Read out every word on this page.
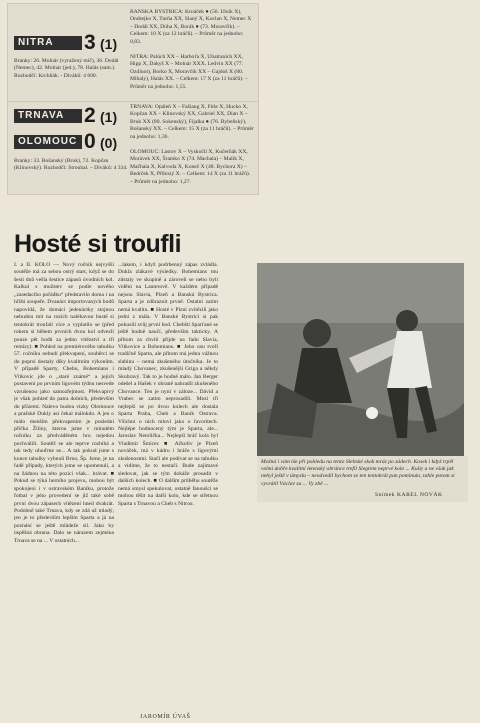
NITRA	3 (1)
Branky: 26. Molnár (vyražený míč), 36. Dodál (Nemec), 42. Molnár (jed.), 78. Halás (sam.). Rozhodčí: Krchňák. - Diváků: 4 600.
BANSKÁ BYSTRICA: Krnáček ● (56. Ubúk X), Ondrejko X, Turňa XX, Slaný X, Koclan X, Nemec X – Dodál XX, Dúha X, Borák ● (73. Moravčík). – Celkem: 10 X (za 12 hráčů). – Průměr na jednoho: 0,83.
NITRA: Palúch XX – Harboľa X, Ubatranich XX, Hipp X, Dakyš X – Molnár XXX, Ledvin XX (77. Ozdínot), Borko X, Moravčík XX – Gajdoš X (80. Mihaly), Halás XX. – Celkem: 17 X (za 11 hráčů). – Průměr na jednoho: 1,55.
TRNAVA 2 (1)
OLOMOUC 0 (0)
Branky: 33. Bošanský (Bruk), 72. Kopčan (Klinovský). Rozhodčí: Strouhal. – Diváků: 4 334.
TRNAVA: Opáleň X – Fašiang X, Fitle X, Hucko X, Kopčan XX – Klinovský XX, Gabriel XX, Dian X – Bruk XX (80. Sokenský), Fijalka ● (76. Bybeňský), Bošanský XX. – Celkem: 15 X (za 11 hráčů). – Průměr na jednoho: 1,36.
OLOMOUC: Lastov X – Vyskočil X, Kučerňák XX, Morávek XX, Šramko X (74. Machala) – Malík X, Mačhala X, Kalvoda X, Koneč X (48. Bychora X) – Bedrček X, Příbozý X. – Celkem: 14 X (za 11 hráčů). – Průměr na jednoho: 1,27.
Hosté si troufli
I. a II. KOLO — Nový ročník nejvyšší soutěže má za sebou ostrý start, když se do šesti dnů vešla šestice zápasů úvodních kol. Kalkul s mužstev se podle nového „zasedacího pořádku“ představilo doma i na hřišti soupeře. Dvanáct importovaných bodů napovídá, že domácí jedenáctky stojnou nebudou mít na rozích naléhavou hustě si tentokrát troufali více a vyplatilo se (před rokem si během prvních dvou kol odvezli pouze pět bodů za jedno vítězství a tři remízy). ■ Pohled na premiérového tabulku 57. ročníku nebudí překvapení, souběrci se do poprsí dostaly díky kvalitním výkonům. V případě Sparty, Chebu, Bohemians i Vítkovic jde o „staré známé“ a jejich postavení po prvním ligovém týdnu nesvede vzrušenou jako samozřejmost. Překvapivý je však pohled do patra dolních, především do přízemí. Nalevo budou vizky Olomouce a pražské Dukly asi čekal málokdo. A jen o málo menším překvapením je poslední příčka Žiliny, kterou jsme v minulém ročníku za předváděném hru nejedou pochválili. Soutěž se ale teprve rozbíhá a tak tedy uhoďme se... A tak pokud jsme s konce tabulky vyhnuli Brno, Šp. Jsme, je na řadě případy, kterých jsme se upomenuli, a na žádnou na této pozici však... hrávat. ■ Pokud se týká herního projevu, mohou být spokojeni i v ostravském Baníku, protože fotbal v jeho provedení se již také sobě první dvou zápasech vítězení hned dvakrát. Podobně také Trnava, kdy se zdá už mladý, jen je to především lepším Sparta a já na poznání se ještě mládeže sil. Jako by úspěšná obrana. Dalo se nárazem zejména Trnava se na ... V ostatních...
...lakem, i když podrbenný zápas zvládla. Dukla zlákavé výsledky. Bohemians mu zůstaly ve skupině a zároveň se nebo byli viděni na Lauterově. V každém případě nejsou Slavia, Plzeň a Banská Bystrica. Sparta a je zdůraznit prvně. Ostatní zatím nemá kvalitu. ■ Hosté v Plzni zvítězili jako jedni z mála. V Banské Bystrici si pak pokusili svůj první bod. Chebští Sparťané se ještě hodně naučí, především takticky. A přitom za chvíli přijde na řadu Slavia, Vítkovice a Bohemians. ■ Jeho osu tvoří tradičně Sparta, ale přitom má jednu vážnou slabinu – nemá zkušeného útočníka. Je to mladý Chovanec, zkušenější Griga a někdy Skuhravý. Tak to je hodně málo. Jan Berger odešel a Hašek v obraně nahradil zkušeného Chovance. Ten je nyní v záloze... Dávid a Vrabec se zatím neprosadili. Mezi tři nejlepší se po dvou kolech ale dostala Sparta Praha, Cheb a Baník Ostrava. Všichni o nich mluví jako o favoritech. Nejlépe hodnocený tým je Sparta, ale... Jaroslav Netolička... Nejlepší hráč kola byl Vladimír Šmicer. ■ Ačkoliv je Plzeň nováček, má v kádru i hráče s ligovými zkušenostmi. Stačí ale podívat se na tabulku a vidíme, že to nestačí. Bude zajímavé sledovat, jak se tým dokáže prosadit v dalších kolech. ■ O dalším průběhu soutěže nemá smysl spekulovat, ostatně fanoušci se mohou těšit na další kolo, kde se střetnou Sparta s Trnavou a Cheb s Nitrou.
Možná i vám tše při pohledu na tento Sleltské skok mráz po zádech. Kosek i když trpěl velmi dobře kvalitní letenský obránce trefil Slegťem neprvé kolo ... Kuliy a ne však jak nebyl ještě v úmyslu – neodvedil bychom se ten tentokrát pan pominulo, tahle potom si vyvrátil Václav za ... Vy zbě ...
Snímek KAREL NOVÁK
JAROMÍR ÚVAŠ
